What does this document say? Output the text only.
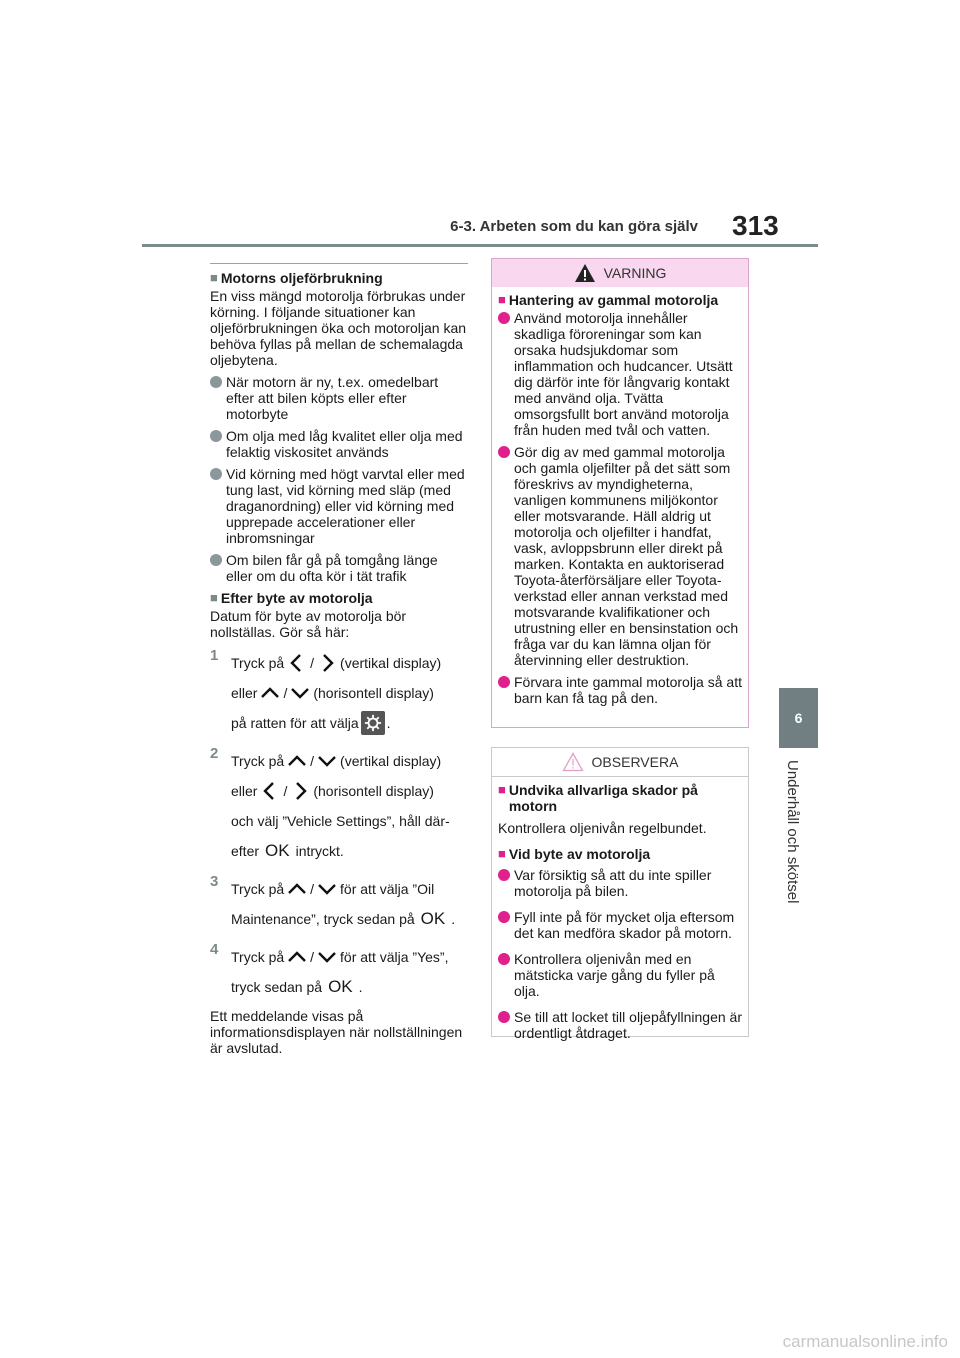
6-3. Arbeten som du kan göra själv 313
6
Underhåll och skötsel
■ Motorns oljeförbrukning

En viss mängd motorolja förbrukas under körning. I följande situationer kan oljeförbrukningen öka och motoroljan kan behöva fyllas på mellan de schemalagda oljebytena.

När motorn är ny, t.ex. omedelbart efter att bilen köpts eller efter motorbyte
Om olja med låg kvalitet eller olja med felaktig viskositet används
Vid körning med högt varvtal eller med tung last, vid körning med släp (med draganordning) eller vid körning med upprepade accelerationer eller inbromsningar
Om bilen får gå på tomgång länge eller om du ofta kör i tät trafik
■ Efter byte av motorolja

Datum för byte av motorolja bör nollställas. Gör så här:

1 Tryck på / (vertikal display)
eller / (horisontell display)
på ratten för att välja .
2 Tryck på / (vertikal display)
eller / (horisontell display)
och välj ”Vehicle Settings”, håll där-
efter OK intryckt.
3 Tryck på / för att välja ”Oil
Maintenance”, tryck sedan på OK .
4 Tryck på / för att välja ”Yes”,
tryck sedan på OK .

Ett meddelande visas på informationsdisplayen när nollställningen är avslutad.

VARNING
■ Hantering av gammal motorolja
Använd motorolja innehåller skadliga föroreningar som kan orsaka hudsjukdomar som inflammation och hudcancer. Utsätt dig därför inte för långvarig kontakt med använd olja. Tvätta omsorgsfullt bort använd motorolja från huden med tvål och vatten.
Gör dig av med gammal motorolja och gamla oljefilter på det sätt som föreskrivs av myndigheterna, vanligen kommunens miljökontor eller motsvarande. Häll aldrig ut motorolja och oljefilter i handfat, vask, avloppsbrunn eller direkt på marken. Kontakta en auktoriserad Toyota-återförsäljare eller Toyota-verkstad eller annan verkstad med motsvarande kvalifikationer och utrustning eller en bensinstation och fråga var du kan lämna oljan för återvinning eller destruktion.
Förvara inte gammal motorolja så att barn kan få tag på den.
OBSERVERA
■ Undvika allvarliga skador på motorn

Kontrollera oljenivån regelbundet.

■ Vid byte av motorolja
Var försiktig så att du inte spiller motorolja på bilen.
Fyll inte på för mycket olja eftersom det kan medföra skador på motorn.
Kontrollera oljenivån med en mätsticka varje gång du fyller på olja.
Se till att locket till oljepåfyllningen är ordentligt åtdraget.
carmanualsonline.info
